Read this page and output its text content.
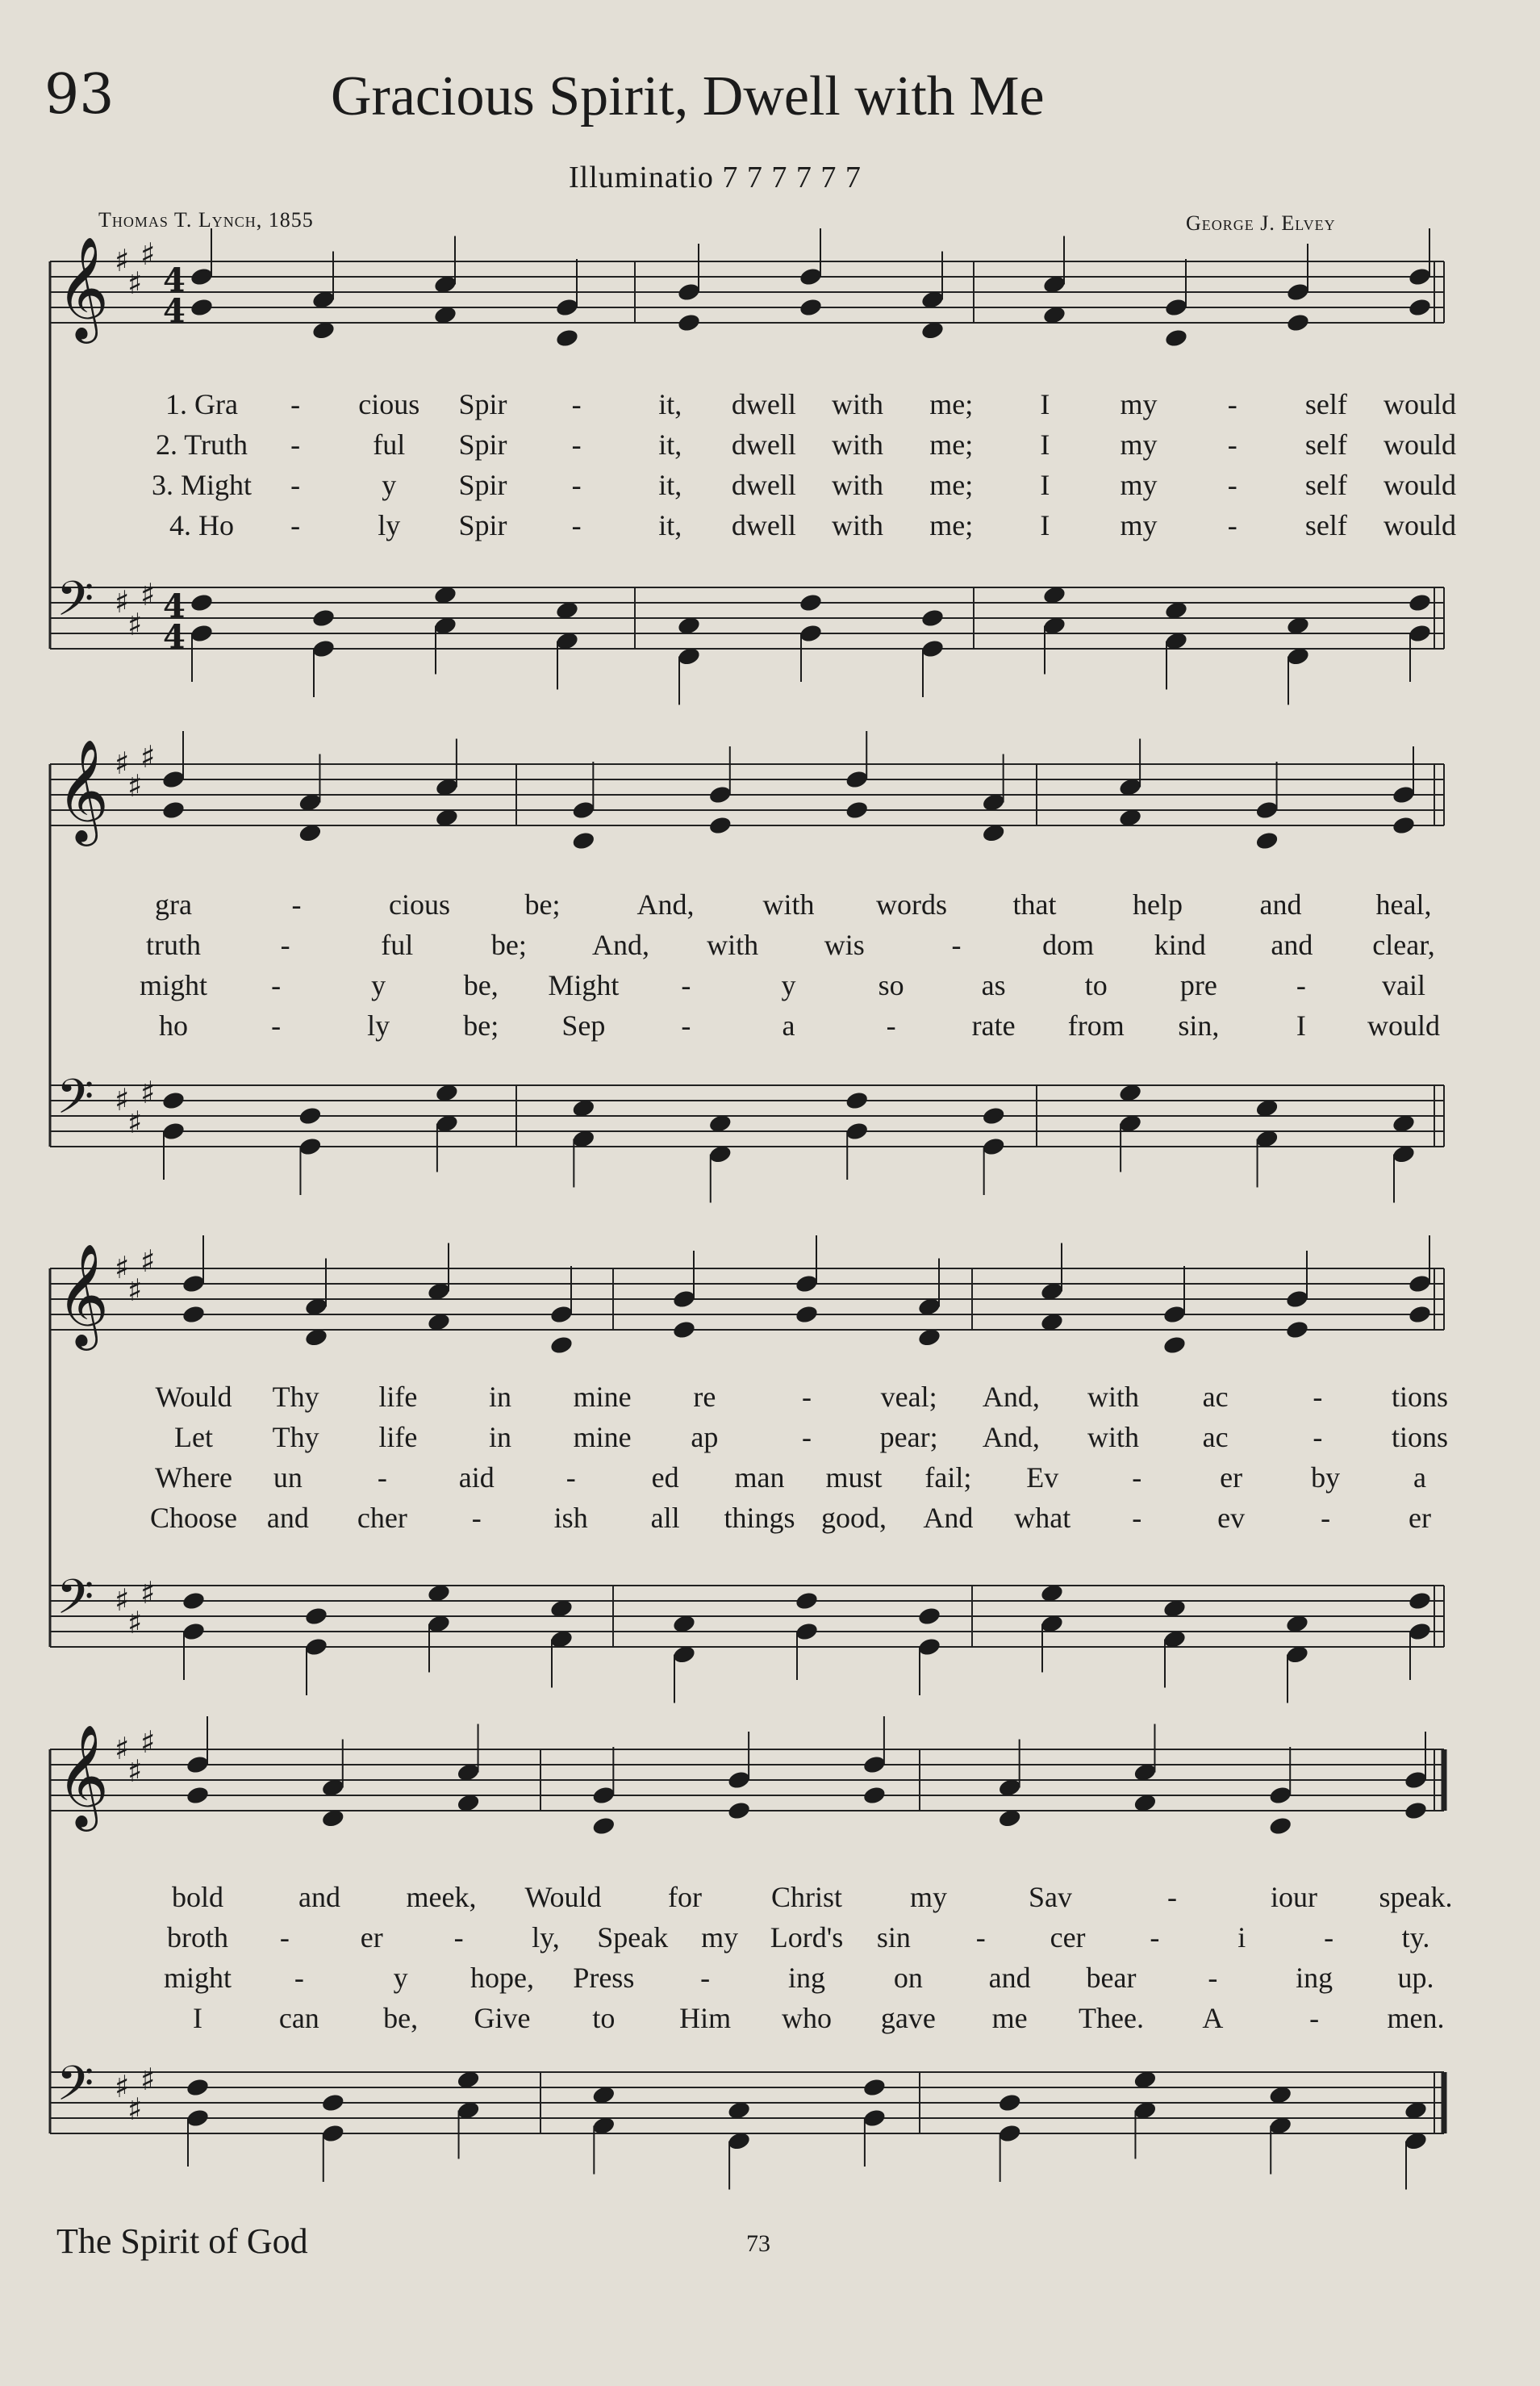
93	Gracious Spirit, Dwell with Me
Illuminatio 7 7 7 7 7 7
Thomas T. Lynch, 1855	George J. Elvey
𝄞 ♯
♯
♯
4
4
𝄢 ♯
♯
♯ 4
4
𝄞 ♯
♯
♯
𝄢 ♯
♯
♯
𝄞 ♯
♯
♯
𝄢 ♯
♯
♯
𝄞 ♯
♯
♯
𝄢 ♯
♯
♯
1. Gra - cious Spir -	it, dwell with me; I my - self would
2. Truth -	ful Spir -	it, dwell with me; I my - self would
3. Might -	y Spir -	it, dwell with me; I my - self would
4. Ho -	ly Spir -	it, dwell with me; I my - self would
gra	-	cious	be;	And, with words that	help	and	heal,
truth	-	ful	be; And, with wis	-	dom kind and clear,
might -	y	be, Might -	y	so	as	to	pre	-	vail
ho	-	ly	be; Sep	-	a	-	rate from sin,	I would
Would Thy life in mine re	- veal; And, with ac	- tions
Let Thy life in mine ap	- pear; And, with ac	- tions
Where un	- aid -	ed man must fail; Ev	-	er by	a
Choose and cher - ish all things good, And what -	ev	-	er
bold	and meek, Would for Christ my	Sav	-	iour speak.
broth - er - ly, Speak my Lord's sin - cer -	i	- ty.
might -	y hope, Press -	ing on and bear -	ing up.
I	can be, Give to Him who gave me Thee. A	- men.
The Spirit of God	73
